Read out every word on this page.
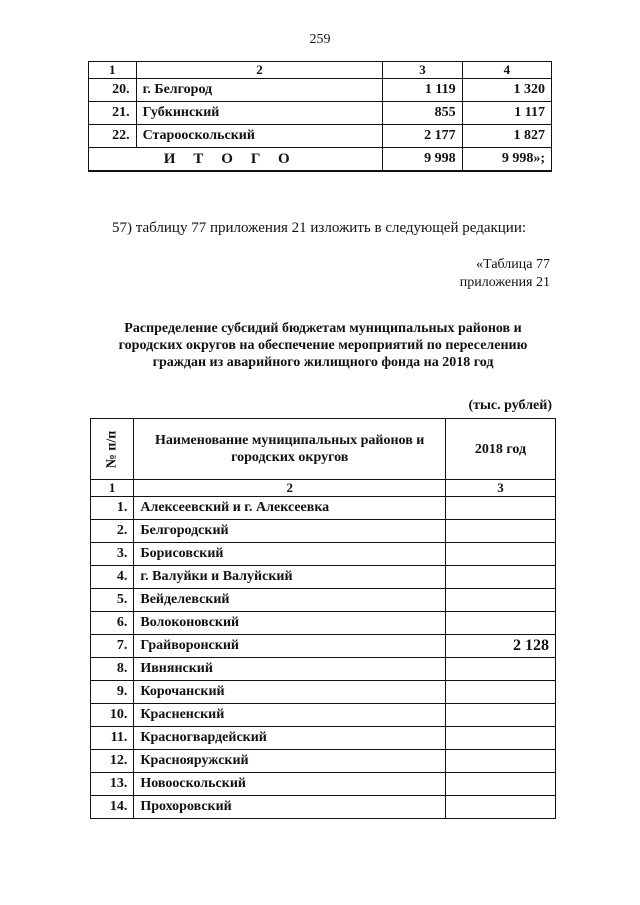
259
1	2	3	4
20.	г. Белгород	1 119	1 320
21.	Губкинский	855	1 117
22.	Старооскольский	2 177	1 827
ИТОГО		9 998	9 998»;
57) таблицу 77 приложения 21 изложить в следующей редакции:
«Таблица 77
приложения 21
Распределение субсидий бюджетам муниципальных районов и
городских округов на обеспечение мероприятий по переселению
граждан из аварийного жилищного фонда на 2018 год
(тыс. рублей)
№ п/п	Наименование муниципальных районов и городских округов	2018 год
1	2	3
1.	Алексеевский и г. Алексеевка	
2.	Белгородский	
3.	Борисовский	
4.	г. Валуйки и Валуйский	
5.	Вейделевский	
6.	Волоконовский	
7.	Грайворонский	2 128
8.	Ивнянский	
9.	Корочанский	
10.	Красненский	
11.	Красногвардейский	
12.	Краснояружский	
13.	Новооскольский	
14.	Прохоровский	
